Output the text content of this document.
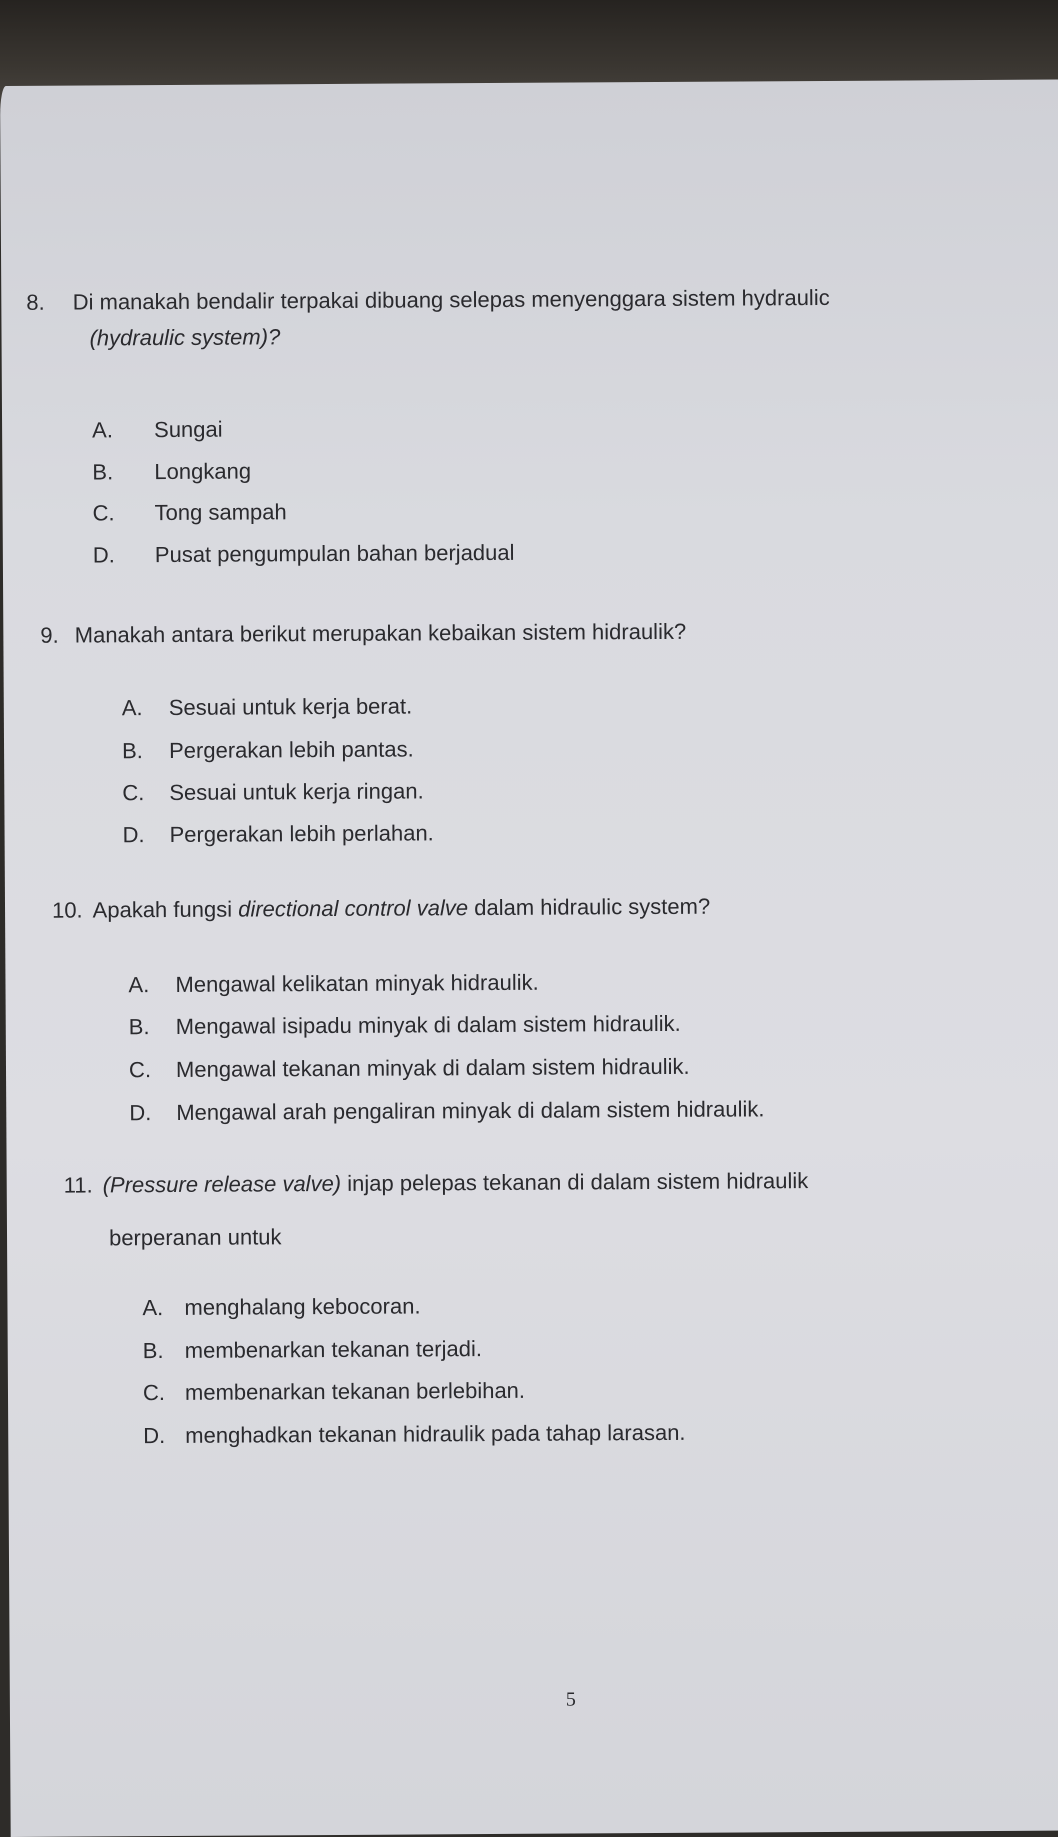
8. Di manakah bendalir terpakai dibuang selepas menyenggara sistem hydraulic
(hydraulic system)?
A. Sungai
B. Longkang
C. Tong sampah
D. Pusat pengumpulan bahan berjadual
9. Manakah antara berikut merupakan kebaikan sistem hidraulik?
A. Sesuai untuk kerja berat.
B. Pergerakan lebih pantas.
C. Sesuai untuk kerja ringan.
D. Pergerakan lebih perlahan.
10. Apakah fungsi directional control valve dalam hidraulic system?
A. Mengawal kelikatan minyak hidraulik.
B. Mengawal isipadu minyak di dalam sistem hidraulik.
C. Mengawal tekanan minyak di dalam sistem hidraulik.
D. Mengawal arah pengaliran minyak di dalam sistem hidraulik.
11. (Pressure release valve) injap pelepas tekanan di dalam sistem hidraulik
berperanan untuk
A. menghalang kebocoran.
B. membenarkan tekanan terjadi.
C. membenarkan tekanan berlebihan.
D. menghadkan tekanan hidraulik pada tahap larasan.
5
